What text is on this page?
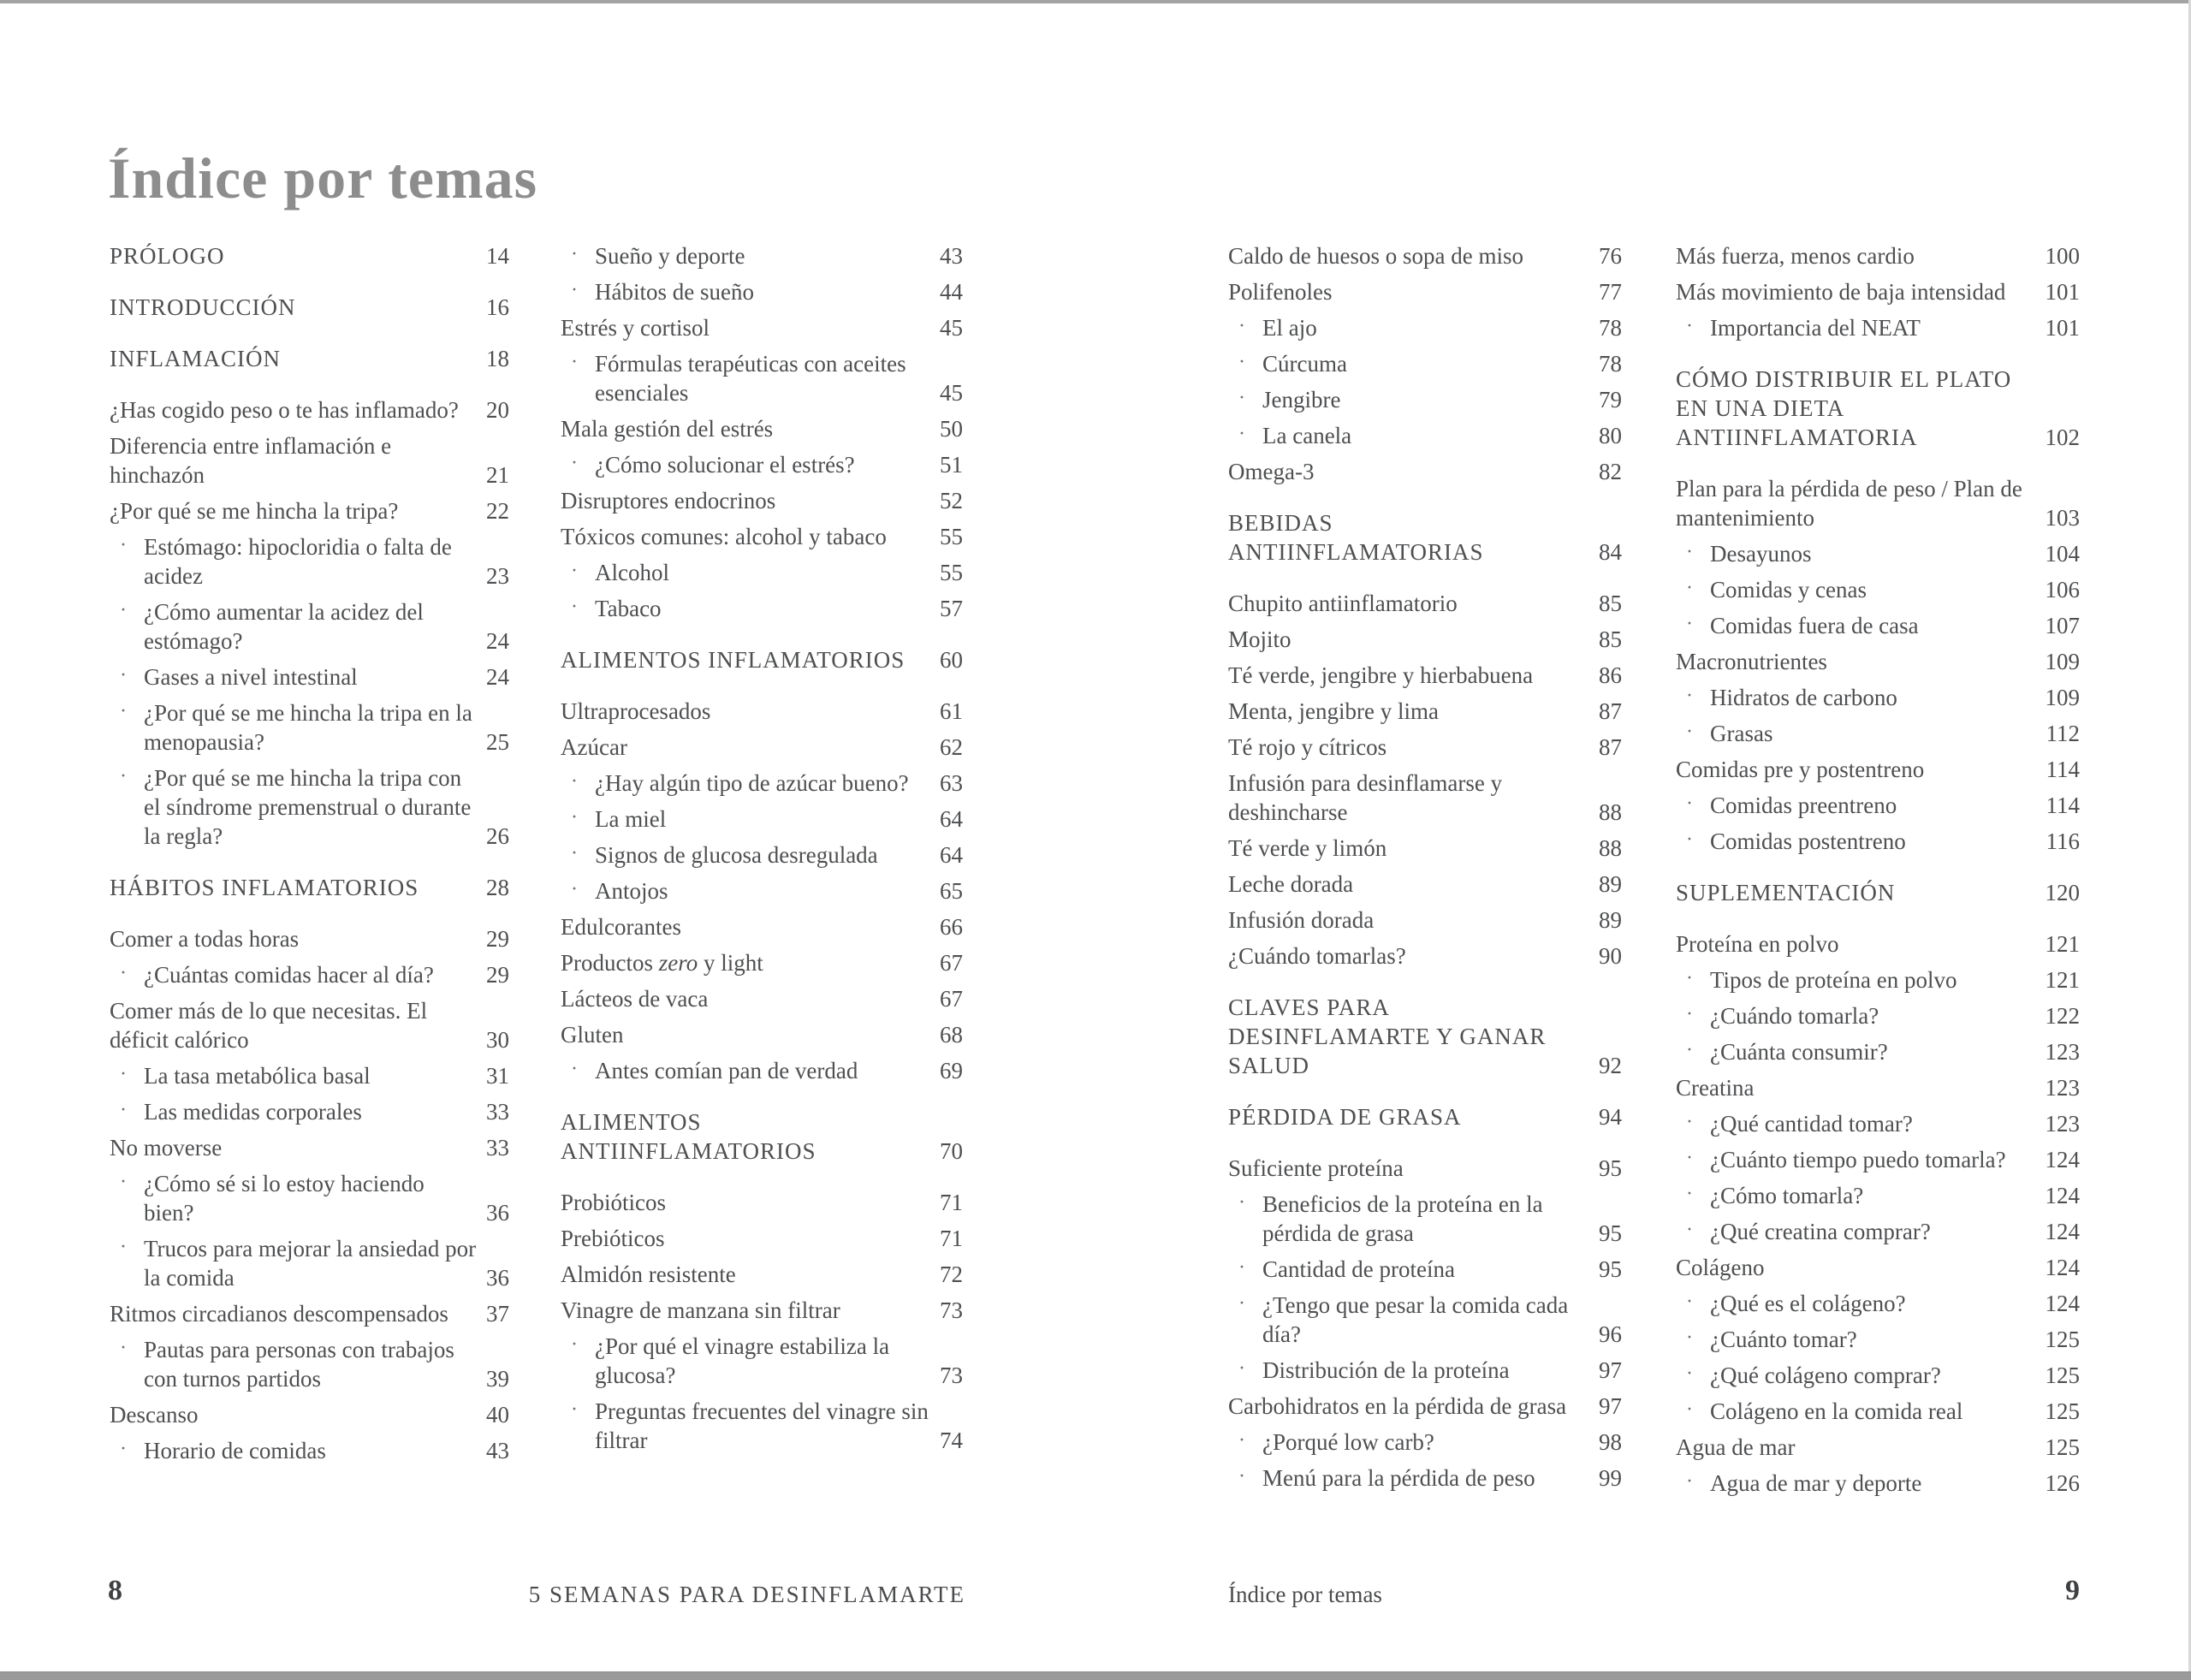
Índice por temas
PRÓLOGO	14
INTRODUCCIÓN	16
INFLAMACIÓN	18
¿Has cogido peso o te has inflamado?	20
Diferencia entre inflamación e hinchazón	21
¿Por qué se me hincha la tripa?	22
· Estómago: hipocloridia o falta de acidez	23
· ¿Cómo aumentar la acidez del estómago?	24
· Gases a nivel intestinal	24
· ¿Por qué se me hincha la tripa en la menopausia?	25
· ¿Por qué se me hincha la tripa con el síndrome premenstrual o durante la regla?	26
HÁBITOS INFLAMATORIOS	28
Comer a todas horas	29
· ¿Cuántas comidas hacer al día?	29
Comer más de lo que necesitas. El déficit calórico	30
· La tasa metabólica basal	31
· Las medidas corporales	33
No moverse	33
· ¿Cómo sé si lo estoy haciendo bien?	36
· Trucos para mejorar la ansiedad por la comida	36
Ritmos circadianos descompensados	37
· Pautas para personas con trabajos con turnos partidos	39
Descanso	40
· Horario de comidas	43
· Sueño y deporte	43
· Hábitos de sueño	44
Estrés y cortisol	45
· Fórmulas terapéuticas con aceites esenciales	45
Mala gestión del estrés	50
· ¿Cómo solucionar el estrés?	51
Disruptores endocrinos	52
Tóxicos comunes: alcohol y tabaco	55
· Alcohol	55
· Tabaco	57
ALIMENTOS INFLAMATORIOS	60
Ultraprocesados	61
Azúcar	62
· ¿Hay algún tipo de azúcar bueno?	63
· La miel	64
· Signos de glucosa desregulada	64
· Antojos	65
Edulcorantes	66
Productos zero y light	67
Lácteos de vaca	67
Gluten	68
· Antes comían pan de verdad	69
ALIMENTOS ANTIINFLAMATORIOS	70
Probióticos	71
Prebióticos	71
Almidón resistente	72
Vinagre de manzana sin filtrar	73
· ¿Por qué el vinagre estabiliza la glucosa?	73
· Preguntas frecuentes del vinagre sin filtrar	74
Caldo de huesos o sopa de miso	76
Polifenoles	77
· El ajo	78
· Cúrcuma	78
· Jengibre	79
· La canela	80
Omega-3	82
BEBIDAS ANTIINFLAMATORIAS	84
Chupito antiinflamatorio	85
Mojito	85
Té verde, jengibre y hierbabuena	86
Menta, jengibre y lima	87
Té rojo y cítricos	87
Infusión para desinflamarse y deshincharse	88
Té verde y limón	88
Leche dorada	89
Infusión dorada	89
¿Cuándo tomarlas?	90
CLAVES PARA DESINFLAMARTE Y GANAR SALUD	92
PÉRDIDA DE GRASA	94
Suficiente proteína	95
· Beneficios de la proteína en la pérdida de grasa	95
· Cantidad de proteína	95
· ¿Tengo que pesar la comida cada día?	96
· Distribución de la proteína	97
Carbohidratos en la pérdida de grasa	97
· ¿Porqué low carb?	98
· Menú para la pérdida de peso	99
Más fuerza, menos cardio	100
Más movimiento de baja intensidad	101
· Importancia del NEAT	101
CÓMO DISTRIBUIR EL PLATO EN UNA DIETA ANTIINFLAMATORIA	102
Plan para la pérdida de peso / Plan de mantenimiento	103
· Desayunos	104
· Comidas y cenas	106
· Comidas fuera de casa	107
Macronutrientes	109
· Hidratos de carbono	109
· Grasas	112
Comidas pre y postentreno	114
· Comidas preentreno	114
· Comidas postentreno	116
SUPLEMENTACIÓN	120
Proteína en polvo	121
· Tipos de proteína en polvo	121
· ¿Cuándo tomarla?	122
· ¿Cuánta consumir?	123
Creatina	123
· ¿Qué cantidad tomar?	123
· ¿Cuánto tiempo puedo tomarla?	124
· ¿Cómo tomarla?	124
· ¿Qué creatina comprar?	124
Colágeno	124
· ¿Qué es el colágeno?	124
· ¿Cuánto tomar?	125
· ¿Qué colágeno comprar?	125
· Colágeno en la comida real	125
Agua de mar	125
· Agua de mar y deporte	126
8	5 SEMANAS PARA DESINFLAMARTE	Índice por temas	9
